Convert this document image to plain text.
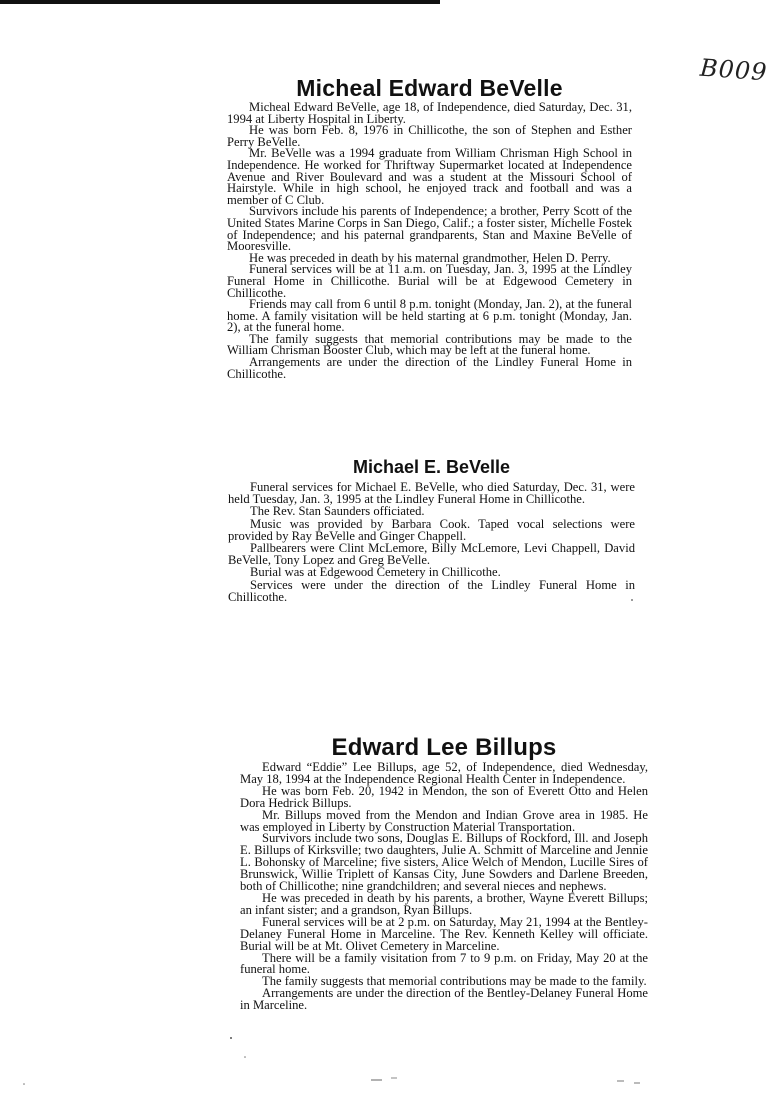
B009
Micheal Edward BeVelle

Micheal Edward BeVelle, age 18, of Independence, died Saturday, Dec. 31, 1994 at Liberty Hospital in Liberty.

He was born Feb. 8, 1976 in Chillicothe, the son of Stephen and Esther Perry BeVelle.

Mr. BeVelle was a 1994 graduate from William Chrisman High School in Independence. He worked for Thriftway Supermarket located at Independence Avenue and River Boulevard and was a student at the Missouri School of Hairstyle. While in high school, he enjoyed track and football and was a member of C Club.

Survivors include his parents of Independence; a brother, Perry Scott of the United States Marine Corps in San Diego, Calif.; a foster sister, Michelle Fostek of Independence; and his paternal grandparents, Stan and Maxine BeVelle of Mooresville.

He was preceded in death by his maternal grandmother, Helen D. Perry.

Funeral services will be at 11 a.m. on Tuesday, Jan. 3, 1995 at the Lindley Funeral Home in Chillicothe. Burial will be at Edgewood Cemetery in Chillicothe.

Friends may call from 6 until 8 p.m. tonight (Monday, Jan. 2), at the funeral home. A family visitation will be held starting at 6 p.m. tonight (Monday, Jan. 2), at the funeral home.

The family suggests that memorial contributions may be made to the William Chrisman Booster Club, which may be left at the funeral home.

Arrangements are under the direction of the Lindley Funeral Home in Chillicothe.

Michael E. BeVelle

Funeral services for Michael E. BeVelle, who died Saturday, Dec. 31, were held Tuesday, Jan. 3, 1995 at the Lindley Funeral Home in Chillicothe.

The Rev. Stan Saunders officiated.

Music was provided by Barbara Cook. Taped vocal selections were provided by Ray BeVelle and Ginger Chappell.

Pallbearers were Clint McLemore, Billy McLemore, Levi Chappell, David BeVelle, Tony Lopez and Greg BeVelle.

Burial was at Edgewood Cemetery in Chillicothe.

Services were under the direction of the Lindley Funeral Home in Chillicothe.

Edward Lee Billups

Edward “Eddie” Lee Billups, age 52, of Independence, died Wednesday, May 18, 1994 at the Independence Regional Health Center in Independence.

He was born Feb. 20, 1942 in Mendon, the son of Everett Otto and Helen Dora Hedrick Billups.

Mr. Billups moved from the Mendon and Indian Grove area in 1985. He was employed in Liberty by Construction Material Transportation.

Survivors include two sons, Douglas E. Billups of Rockford, Ill. and Joseph E. Billups of Kirksville; two daughters, Julie A. Schmitt of Marceline and Jennie L. Bohonsky of Marceline; five sisters, Alice Welch of Mendon, Lucille Sires of Brunswick, Willie Triplett of Kansas City, June Sowders and Darlene Breeden, both of Chillicothe; nine grandchildren; and several nieces and nephews.

He was preceded in death by his parents, a brother, Wayne Everett Billups; an infant sister; and a grandson, Ryan Billups.

Funeral services will be at 2 p.m. on Saturday, May 21, 1994 at the Bentley-Delaney Funeral Home in Marceline. The Rev. Kenneth Kelley will officiate. Burial will be at Mt. Olivet Cemetery in Marceline.

There will be a family visitation from 7 to 9 p.m. on Friday, May 20 at the funeral home.

The family suggests that memorial contributions may be made to the family.

Arrangements are under the direction of the Bentley-Delaney Funeral Home in Marceline.
